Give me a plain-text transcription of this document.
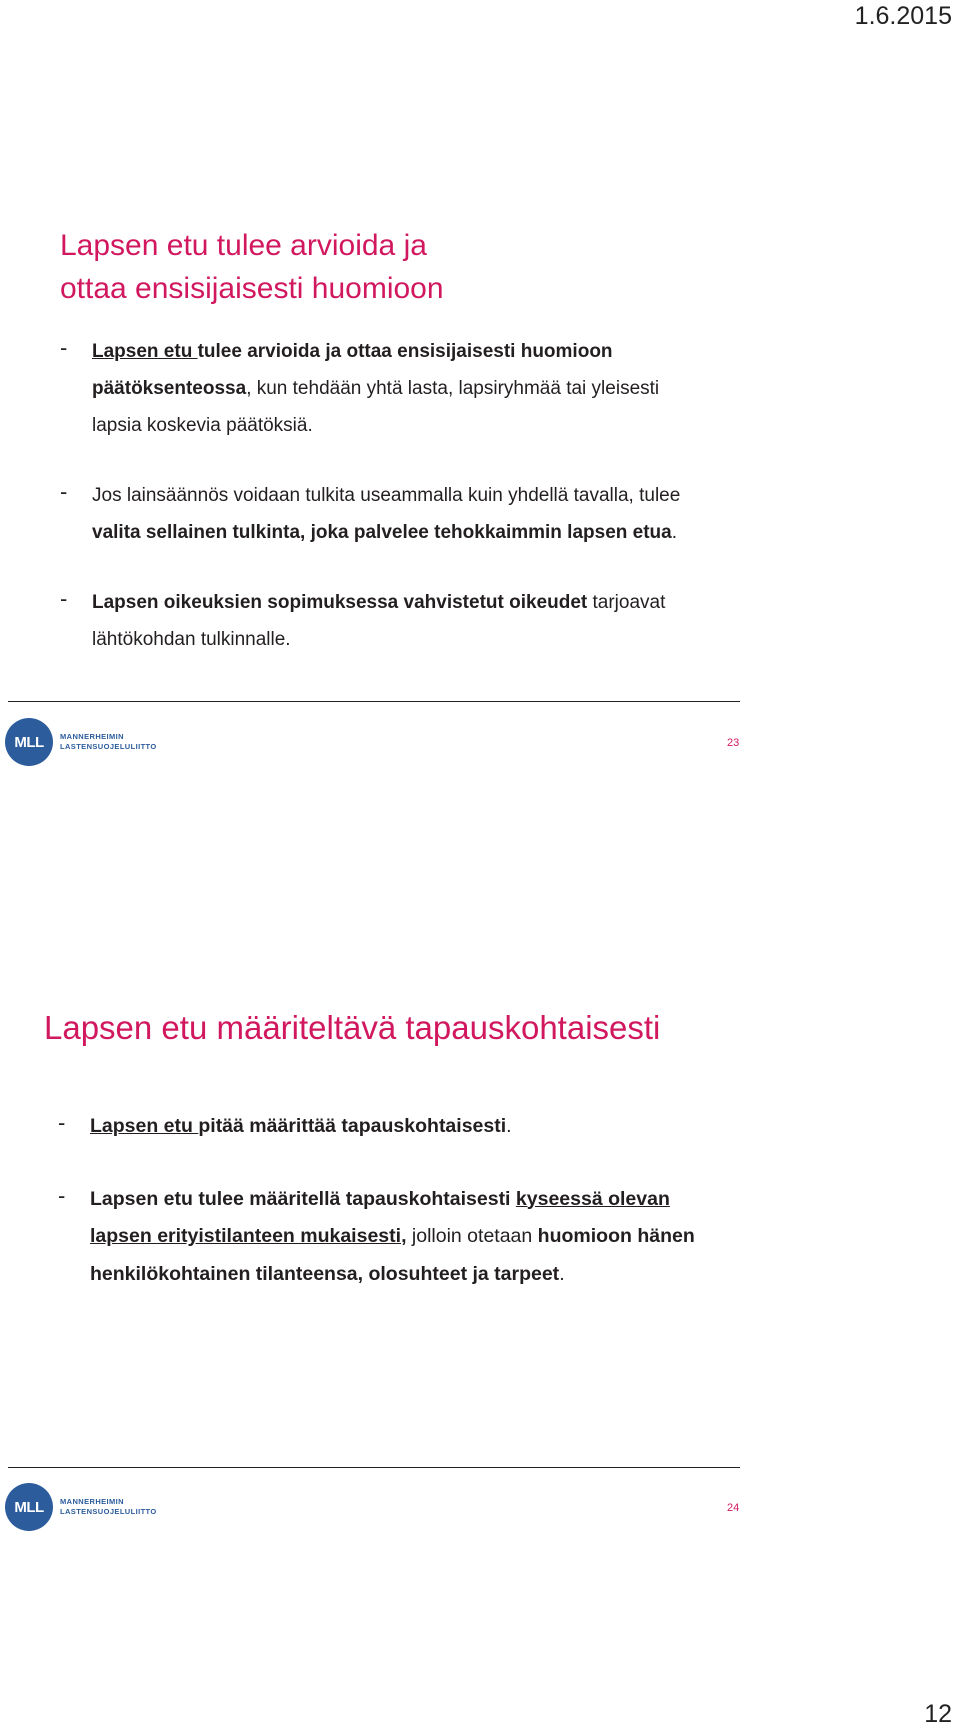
1.6.2015
Lapsen etu tulee arvioida ja
ottaa ensisijaisesti huomioon
- Lapsen etu tulee arvioida ja ottaa ensisijaisesti huomioon päätöksenteossa, kun tehdään yhtä lasta, lapsiryhmää tai yleisesti lapsia koskevia päätöksiä.
- Jos lainsäännös voidaan tulkita useammalla kuin yhdellä tavalla, tulee valita sellainen tulkinta, joka palvelee tehokkaimmin lapsen etua.
- Lapsen oikeuksien sopimuksessa vahvistetut oikeudet tarjoavat lähtökohdan tulkinnalle.
MLL	MANNERHEIMIN
LASTENSUOJELULIITTO	23
Lapsen etu määriteltävä tapauskohtaisesti
- Lapsen etu pitää määrittää tapauskohtaisesti.
- Lapsen etu tulee määritellä tapauskohtaisesti kyseessä olevan lapsen erityistilanteen mukaisesti, jolloin otetaan huomioon hänen henkilökohtainen tilanteensa, olosuhteet ja tarpeet.
MLL	MANNERHEIMIN
LASTENSUOJELULIITTO	24
12
